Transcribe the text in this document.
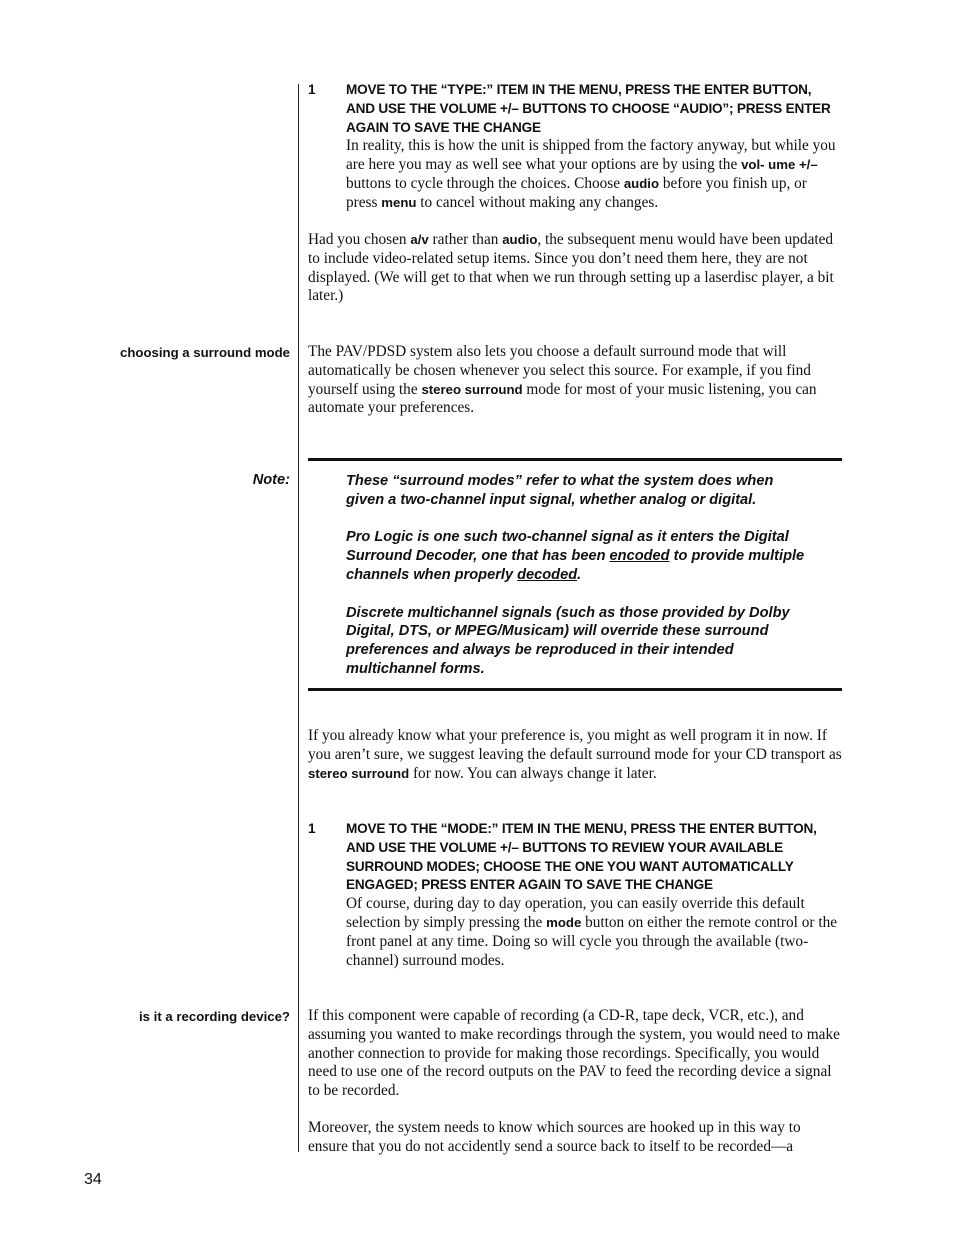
1 MOVE TO THE “TYPE:” ITEM IN THE MENU, PRESS THE ENTER BUTTON, AND USE THE VOLUME +/– BUTTONS TO CHOOSE “AUDIO”; PRESS ENTER AGAIN TO SAVE THE CHANGE

In reality, this is how the unit is shipped from the factory anyway, but while you are here you may as well see what your options are by using the vol- ume +/– buttons to cycle through the choices. Choose audio before you finish up, or press menu to cancel without making any changes.

Had you chosen a/v rather than audio, the subsequent menu would have been updated to include video-related setup items. Since you don’t need them here, they are not displayed. (We will get to that when we run through setting up a laserdisc player, a bit later.)

choosing a surround mode The PAV/PDSD system also lets you choose a default surround mode that will automatically be chosen whenever you select this source. For example, if you find yourself using the stereo surround mode for most of your music listening, you can automate your preferences.

Note:	These “surround modes” refer to what the system does when given a two-channel input signal, whether analog or digital.

Pro Logic is one such two-channel signal as it enters the Digital Surround Decoder, one that has been encoded to provide multiple channels when properly decoded.

Discrete multichannel signals (such as those provided by Dolby Digital, DTS, or MPEG/Musicam) will override these surround preferences and always be reproduced in their intended multichannel forms.

If you already know what your preference is, you might as well program it in now. If you aren’t sure, we suggest leaving the default surround mode for your CD transport as stereo surround for now. You can always change it later.

1 MOVE TO THE “MODE:” ITEM IN THE MENU, PRESS THE ENTER BUTTON, AND USE THE VOLUME +/– BUTTONS TO REVIEW YOUR AVAILABLE SURROUND MODES; CHOOSE THE ONE YOU WANT AUTOMATICALLY ENGAGED; PRESS ENTER AGAIN TO SAVE THE CHANGE

Of course, during day to day operation, you can easily override this default selection by simply pressing the mode button on either the remote control or the front panel at any time. Doing so will cycle you through the available (two-channel) surround modes.

is it a recording device? If this component were capable of recording (a CD-R, tape deck, VCR, etc.), and assuming you wanted to make recordings through the system, you would need to make another connection to provide for making those recordings. Specifically, you would need to use one of the record outputs on the PAV to feed the recording device a signal to be recorded.

Moreover, the system needs to know which sources are hooked up in this way to ensure that you do not accidently send a source back to itself to be recorded—a

34
